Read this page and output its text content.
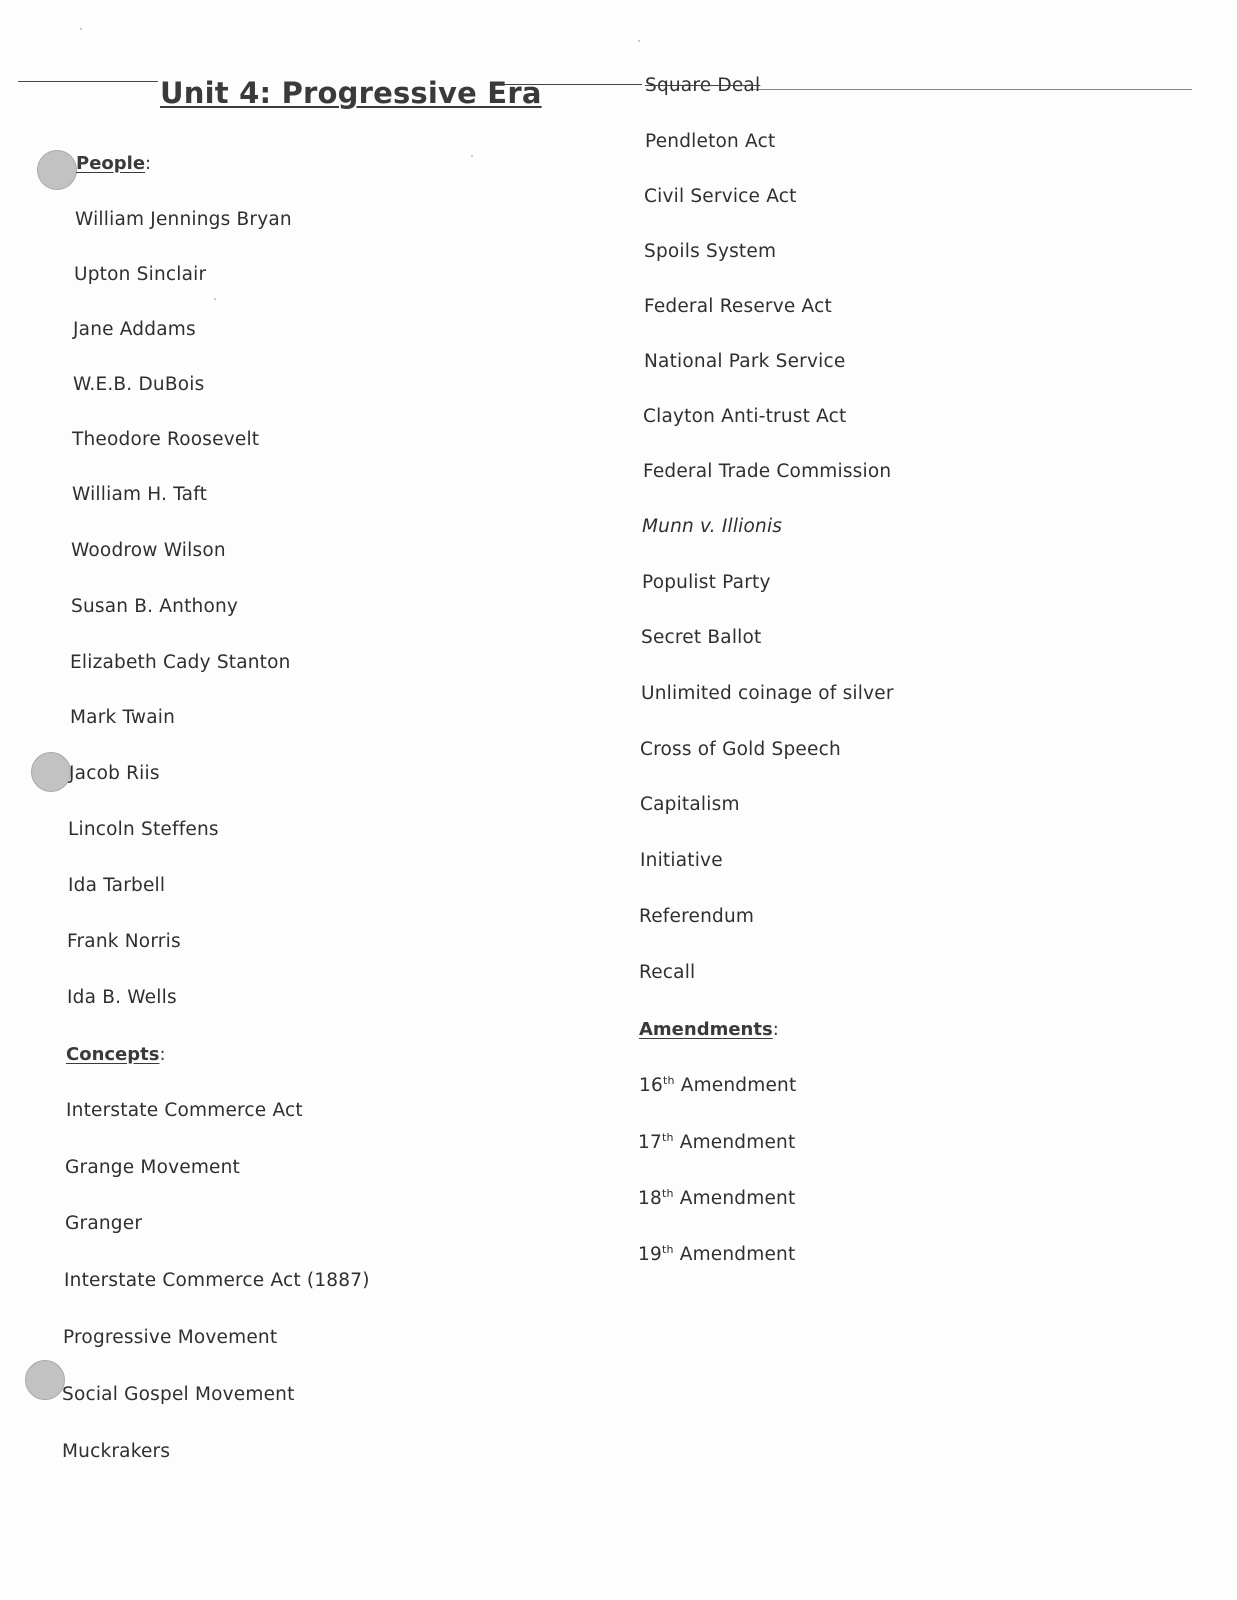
Unit 4: Progressive Era
People:
William Jennings Bryan
Upton Sinclair
Jane Addams
W.E.B. DuBois
Theodore Roosevelt
William H. Taft
Woodrow Wilson
Susan B. Anthony
Elizabeth Cady Stanton
Mark Twain
Jacob Riis
Lincoln Steffens
Ida Tarbell
Frank Norris
Ida B. Wells
Concepts:
Interstate Commerce Act
Grange Movement
Granger
Interstate Commerce Act (1887)
Progressive Movement
Social Gospel Movement
Muckrakers
Square Deal
Pendleton Act
Civil Service Act
Spoils System
Federal Reserve Act
National Park Service
Clayton Anti-trust Act
Federal Trade Commission
Munn v. Illionis
Populist Party
Secret Ballot
Unlimited coinage of silver
Cross of Gold Speech
Capitalism
Initiative
Referendum
Recall
Amendments:
16th Amendment
17th Amendment
18th Amendment
19th Amendment
